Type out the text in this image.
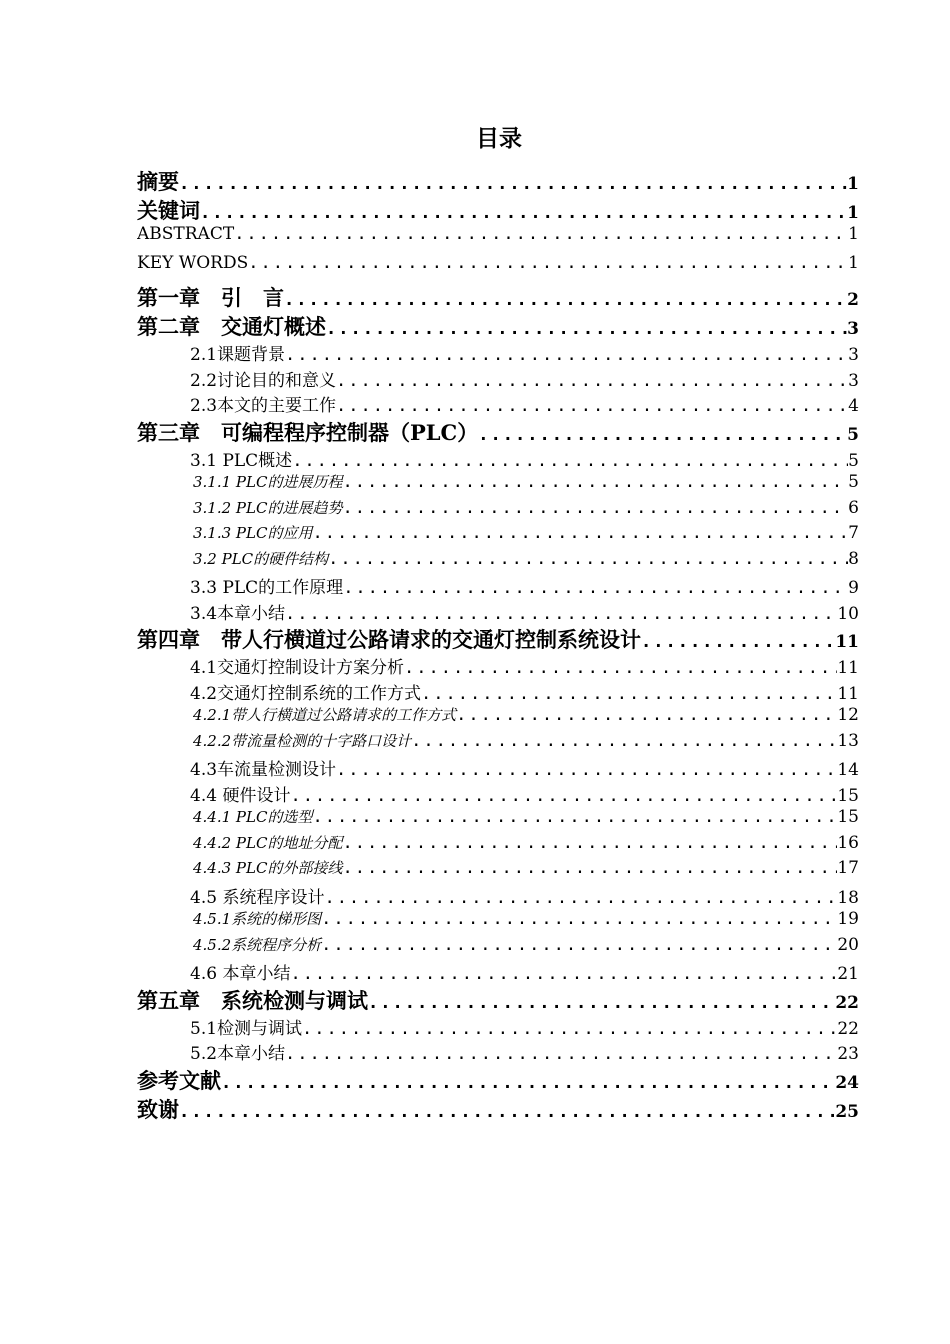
目录
摘要 .....	1
关键词 .....	1
ABSTRACT .....	1
KEY WORDS .....	1
第一章　引　言 .....	2
第二章　交通灯概述 .....	3
2.1课题背景 .....	3
2.2讨论目的和意义 .....	3
2.3本文的主要工作 .....	4
第三章　可编程程序控制器（PLC） .....	5
3.1 PLC概述 .....	5
3.1.1 PLC的进展历程 .....	5
3.1.2 PLC的进展趋势 .....	6
3.1.3 PLC的应用 .....	7
3.2 PLC的硬件结构 .....	8
3.3 PLC的工作原理 .....	9
3.4本章小结 .....	10
第四章　带人行横道过公路请求的交通灯控制系统设计 .....	11
4.1交通灯控制设计方案分析 .....	11
4.2交通灯控制系统的工作方式 .....	11
4.2.1带人行横道过公路请求的工作方式 .....	12
4.2.2带流量检测的十字路口设计 .....	13
4.3车流量检测设计 .....	14
4.4 硬件设计 .....	15
4.4.1 PLC的选型 .....	15
4.4.2 PLC的地址分配 .....	16
4.4.3 PLC的外部接线 .....	17
4.5 系统程序设计 .....	18
4.5.1系统的梯形图 .....	19
4.5.2系统程序分析 .....	20
4.6 本章小结 .....	21
第五章　系统检测与调试 .....	22
5.1检测与调试 .....	22
5.2本章小结 .....	23
参考文献 .....	24
致谢 .....	25
